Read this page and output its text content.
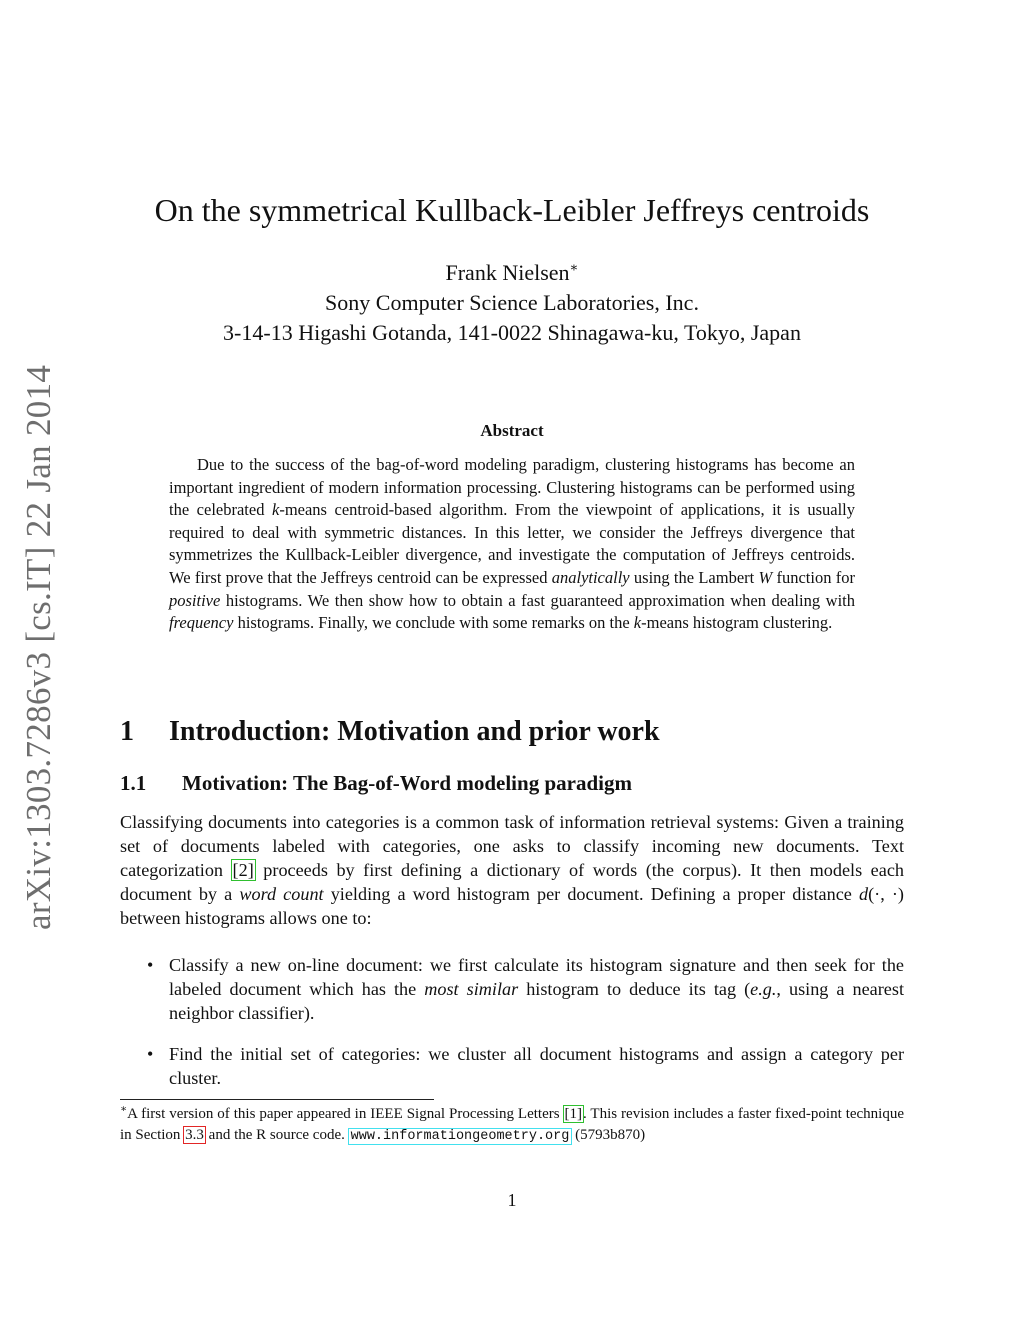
arXiv:1303.7286v3 [cs.IT] 22 Jan 2014
On the symmetrical Kullback-Leibler Jeffreys centroids
Frank Nielsen∗
Sony Computer Science Laboratories, Inc.
3-14-13 Higashi Gotanda, 141-0022 Shinagawa-ku, Tokyo, Japan
Abstract
Due to the success of the bag-of-word modeling paradigm, clustering histograms has become an important ingredient of modern information processing. Clustering histograms can be performed using the celebrated k-means centroid-based algorithm. From the viewpoint of applications, it is usually required to deal with symmetric distances. In this letter, we consider the Jeffreys divergence that symmetrizes the Kullback-Leibler divergence, and investigate the computation of Jeffreys centroids. We first prove that the Jeffreys centroid can be expressed analytically using the Lambert W function for positive histograms. We then show how to obtain a fast guaranteed approximation when dealing with frequency histograms. Finally, we conclude with some remarks on the k-means histogram clustering.
1 Introduction: Motivation and prior work
1.1 Motivation: The Bag-of-Word modeling paradigm
Classifying documents into categories is a common task of information retrieval systems: Given a training set of documents labeled with categories, one asks to classify incoming new documents. Text categorization [2] proceeds by first defining a dictionary of words (the corpus). It then models each document by a word count yielding a word histogram per document. Defining a proper distance d(·, ·) between histograms allows one to:
• Classify a new on-line document: we first calculate its histogram signature and then seek for the labeled document which has the most similar histogram to deduce its tag (e.g., using a nearest neighbor classifier).
• Find the initial set of categories: we cluster all document histograms and assign a category per cluster.
∗A first version of this paper appeared in IEEE Signal Processing Letters [1]. This revision includes a faster fixed-point technique in Section 3.3 and the R source code. www.informationgeometry.org (5793b870)
1
